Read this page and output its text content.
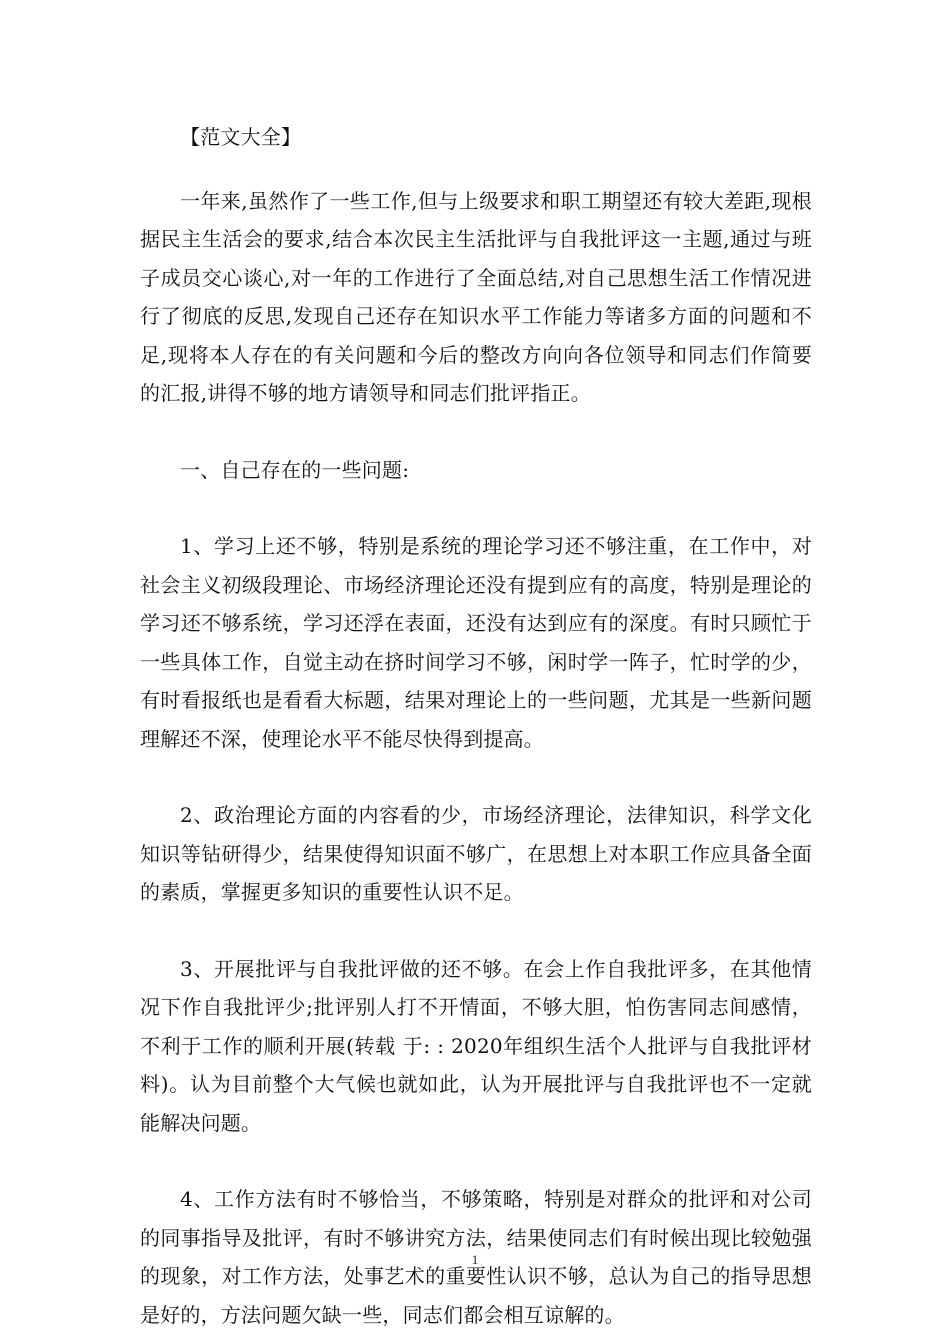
【范文大全】

一年来,虽然作了一些工作,但与上级要求和职工期望还有较大差距,现根据民主生活会的要求,结合本次民主生活批评与自我批评这一主题,通过与班子成员交心谈心,对一年的工作进行了全面总结,对自己思想生活工作情况进行了彻底的反思,发现自己还存在知识水平工作能力等诸多方面的问题和不足,现将本人存在的有关问题和今后的整改方向向各位领导和同志们作简要的汇报,讲得不够的地方请领导和同志们批评指正。

一、自己存在的一些问题:

1、学习上还不够，特别是系统的理论学习还不够注重，在工作中，对社会主义初级段理论、市场经济理论还没有提到应有的高度，特别是理论的学习还不够系统，学习还浮在表面，还没有达到应有的深度。有时只顾忙于一些具体工作，自觉主动在挤时间学习不够，闲时学一阵子，忙时学的少，有时看报纸也是看看大标题，结果对理论上的一些问题，尤其是一些新问题理解还不深，使理论水平不能尽快得到提高。

2、政治理论方面的内容看的少，市场经济理论，法律知识，科学文化知识等钻研得少，结果使得知识面不够广，在思想上对本职工作应具备全面的素质，掌握更多知识的重要性认识不足。

3、开展批评与自我批评做的还不够。在会上作自我批评多，在其他情况下作自我批评少;批评别人打不开情面，不够大胆，怕伤害同志间感情，不利于工作的顺利开展(转载 于: : 2020年组织生活个人批评与自我批评材料)。认为目前整个大气候也就如此，认为开展批评与自我批评也不一定就能解决问题。

4、工作方法有时不够恰当，不够策略，特别是对群众的批评和对公司的同事指导及批评，有时不够讲究方法，结果使同志们有时候出现比较勉强的现象，对工作方法，处事艺术的重要性认识不够，总认为自己的指导思想是好的，方法问题欠缺一些，同志们都会相互谅解的。

1
